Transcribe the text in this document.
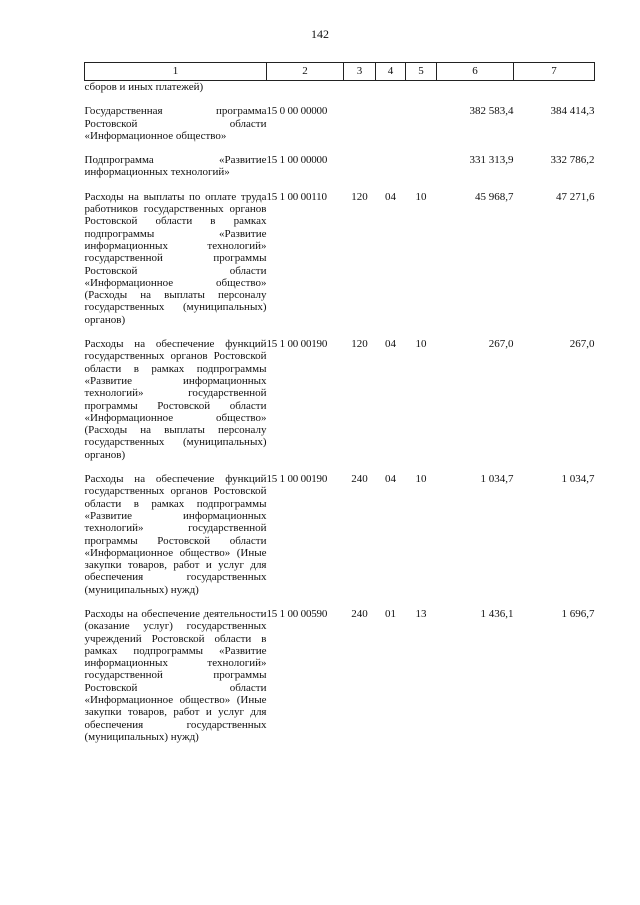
142
1	2	3	4	5	6	7
сборов и иных платежей)						

Государственная программа Ростовской области «Информационное общество»	15 0 00 00000				382 583,4	384 414,3

Подпрограмма «Развитие информационных технологий»	15 1 00 00000				331 313,9	332 786,2

Расходы на выплаты по оплате труда работников государственных органов Ростовской области в рамках подпрограммы «Развитие информационных технологий» государственной программы Ростовской области «Информационное общество» (Расходы на выплаты персоналу государственных (муниципальных) органов)	15 1 00 00110	120	04	10	45 968,7	47 271,6

Расходы на обеспечение функций государственных органов Ростовской области в рамках подпрограммы «Развитие информационных технологий» государственной программы Ростовской области «Информационное общество» (Расходы на выплаты персоналу государственных (муниципальных) органов)	15 1 00 00190	120	04	10	267,0	267,0

Расходы на обеспечение функций государственных органов Ростовской области в рамках подпрограммы «Развитие информационных технологий» государственной программы Ростовской области «Информационное общество» (Иные закупки товаров, работ и услуг для обеспечения государственных (муниципальных) нужд)	15 1 00 00190	240	04	10	1 034,7	1 034,7

Расходы на обеспечение деятельности (оказание услуг) государственных учреждений Ростовской области в рамках подпрограммы «Развитие информационных технологий» государственной программы Ростовской области «Информационное общество» (Иные закупки товаров, работ и услуг для обеспечения государственных (муниципальных) нужд)	15 1 00 00590	240	01	13	1 436,1	1 696,7
